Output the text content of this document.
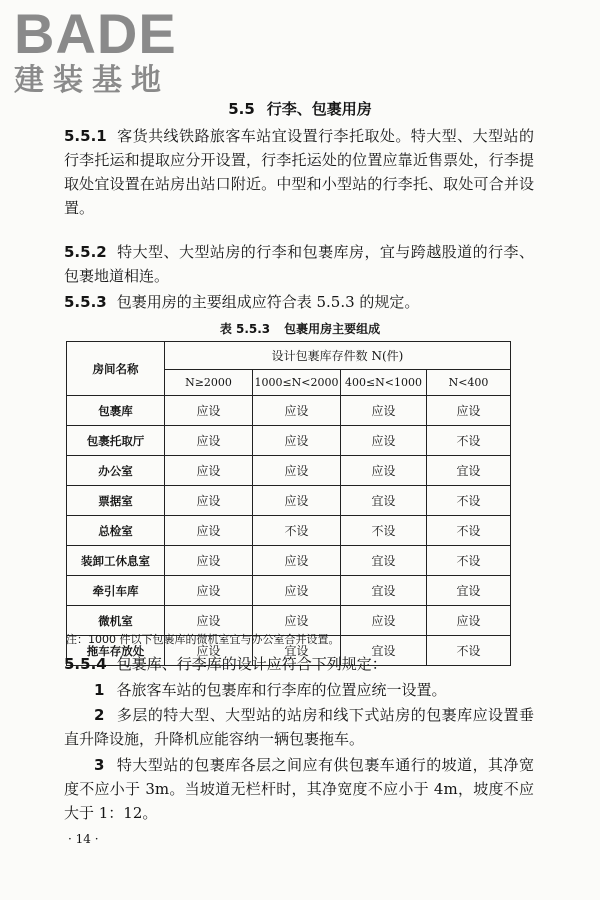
BADE
建装基地
5.5 行李、包裹用房

5.5.1 客货共线铁路旅客车站宜设置行李托取处。特大型、大型站的行李托运和提取应分开设置，行李托运处的位置应靠近售票处，行李提取处宜设置在站房出站口附近。中型和小型站的行李托、取处可合并设置。

5.5.2 特大型、大型站房的行李和包裹库房，宜与跨越股道的行李、包裹地道相连。

5.5.3 包裹用房的主要组成应符合表 5.5.3 的规定。

表 5.5.3 包裹用房主要组成
房间名称	设计包裹库存件数 N(件)			
	N≥2000	1000≤N<2000	400≤N<1000	N<400
包裹库	应设	应设	应设	应设
包裹托取厅	应设	应设	应设	不设
办公室	应设	应设	应设	宜设
票据室	应设	应设	宜设	不设
总检室	应设	不设	不设	不设
装卸工休息室	应设	应设	宜设	不设
牵引车库	应设	应设	宜设	宜设
微机室	应设	应设	应设	应设
拖车存放处	应设	宜设	宜设	不设
注：1000 件以下包裹库的微机室宜与办公室合并设置。

5.5.4 包裹库、行李库的设计应符合下列规定：

1 各旅客车站的包裹库和行李库的位置应统一设置。

2 多层的特大型、大型站的站房和线下式站房的包裹库应设置垂直升降设施，升降机应能容纳一辆包裹拖车。

3 特大型站的包裹库各层之间应有供包裹车通行的坡道，其净宽度不应小于 3m。当坡道无栏杆时，其净宽度不应小于 4m，坡度不应大于 1：12。

· 14 ·
